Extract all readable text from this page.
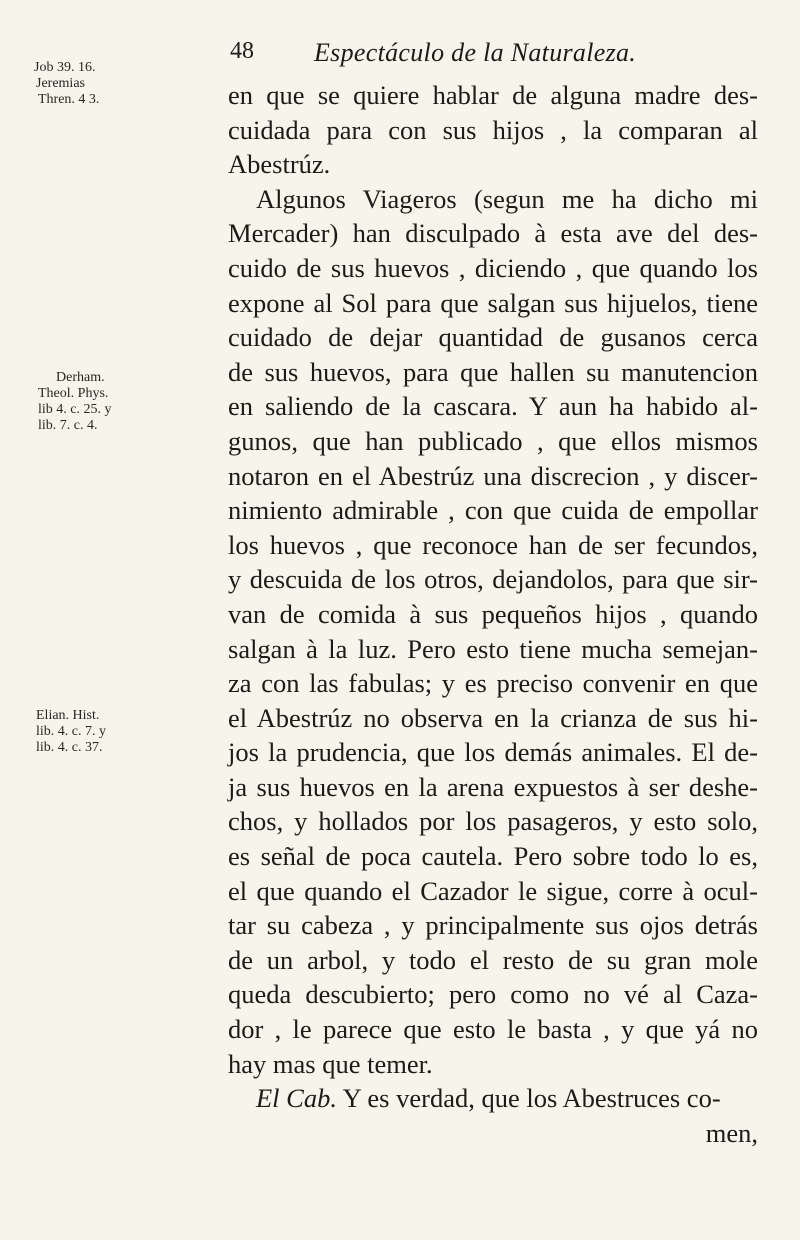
48 Espectáculo de la Naturaleza.
Job 39. 16.
Jeremias
Thren. 4 3.
Derham.
Theol. Phys.
lib 4. c. 25. y
lib. 7. c. 4.
Elian. Hist.
lib. 4. c. 7. y
lib. 4. c. 37.
en que se quiere hablar de alguna madre des-
cuidada para con sus hijos , la comparan al
Abestrúz.
Algunos Viageros (segun me ha dicho mi
Mercader) han disculpado à esta ave del des-
cuido de sus huevos , diciendo , que quando los
expone al Sol para que salgan sus hijuelos, tiene
cuidado de dejar quantidad de gusanos cerca
de sus huevos, para que hallen su manutencion
en saliendo de la cascara. Y aun ha habido al-
gunos, que han publicado , que ellos mismos
notaron en el Abestrúz una discrecion , y discer-
nimiento admirable , con que cuida de empollar
los huevos , que reconoce han de ser fecundos,
y descuida de los otros, dejandolos, para que sir-
van de comida à sus pequeños hijos , quando
salgan à la luz. Pero esto tiene mucha semejan-
za con las fabulas; y es preciso convenir en que
el Abestrúz no observa en la crianza de sus hi-
jos la prudencia, que los demás animales. El de-
ja sus huevos en la arena expuestos à ser deshe-
chos, y hollados por los pasageros, y esto solo,
es señal de poca cautela. Pero sobre todo lo es,
el que quando el Cazador le sigue, corre à ocul-
tar su cabeza , y principalmente sus ojos detrás
de un arbol, y todo el resto de su gran mole
queda descubierto; pero como no vé al Caza-
dor , le parece que esto le basta , y que yá no
hay mas que temer.
El Cab. Y es verdad, que los Abestruces co-
men,
